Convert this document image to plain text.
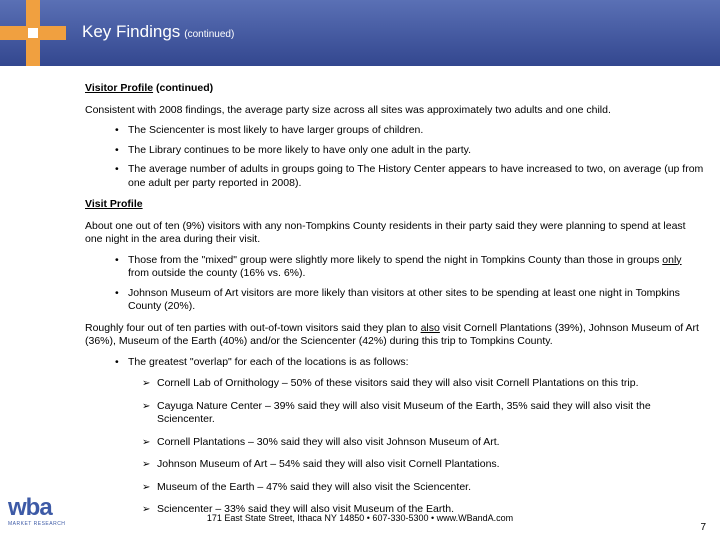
Key Findings (continued)
Visitor Profile (continued)

Consistent with 2008 findings, the average party size across all sites was approximately two adults and one child.

• The Sciencenter is most likely to have larger groups of children.
• The Library continues to be more likely to have only one adult in the party.
• The average number of adults in groups going to The History Center appears to have increased to two, on average (up from one adult per party reported in 2008).
Visit Profile

About one out of ten (9%) visitors with any non-Tompkins County residents in their party said they were planning to spend at least one night in the area during their visit.

• Those from the "mixed" group were slightly more likely to spend the night in Tompkins County than those in groups only from outside the county (16% vs. 6%).
• Johnson Museum of Art visitors are more likely than visitors at other sites to be spending at least one night in Tompkins County (20%).

Roughly four out of ten parties with out-of-town visitors said they plan to also visit Cornell Plantations (39%), Johnson Museum of Art (36%), Museum of the Earth (40%) and/or the Sciencenter (42%) during this trip to Tompkins County.

• The greatest "overlap" for each of the locations is as follows:
➢ Cornell Lab of Ornithology – 50% of these visitors said they will also visit Cornell Plantations on this trip.
➢ Cayuga Nature Center – 39% said they will also visit Museum of the Earth, 35% said they will also visit the Sciencenter.
➢ Cornell Plantations – 30% said they will also visit Johnson Museum of Art.
➢ Johnson Museum of Art – 54% said they will also visit Cornell Plantations.
➢ Museum of the Earth – 47% said they will also visit the Sciencenter.
➢ Sciencenter – 33% said they will also visit Museum of the Earth.
wba
MARKET RESEARCH
171 East State Street, Ithaca NY 14850 • 607-330-5300 • www.WBandA.com
7
